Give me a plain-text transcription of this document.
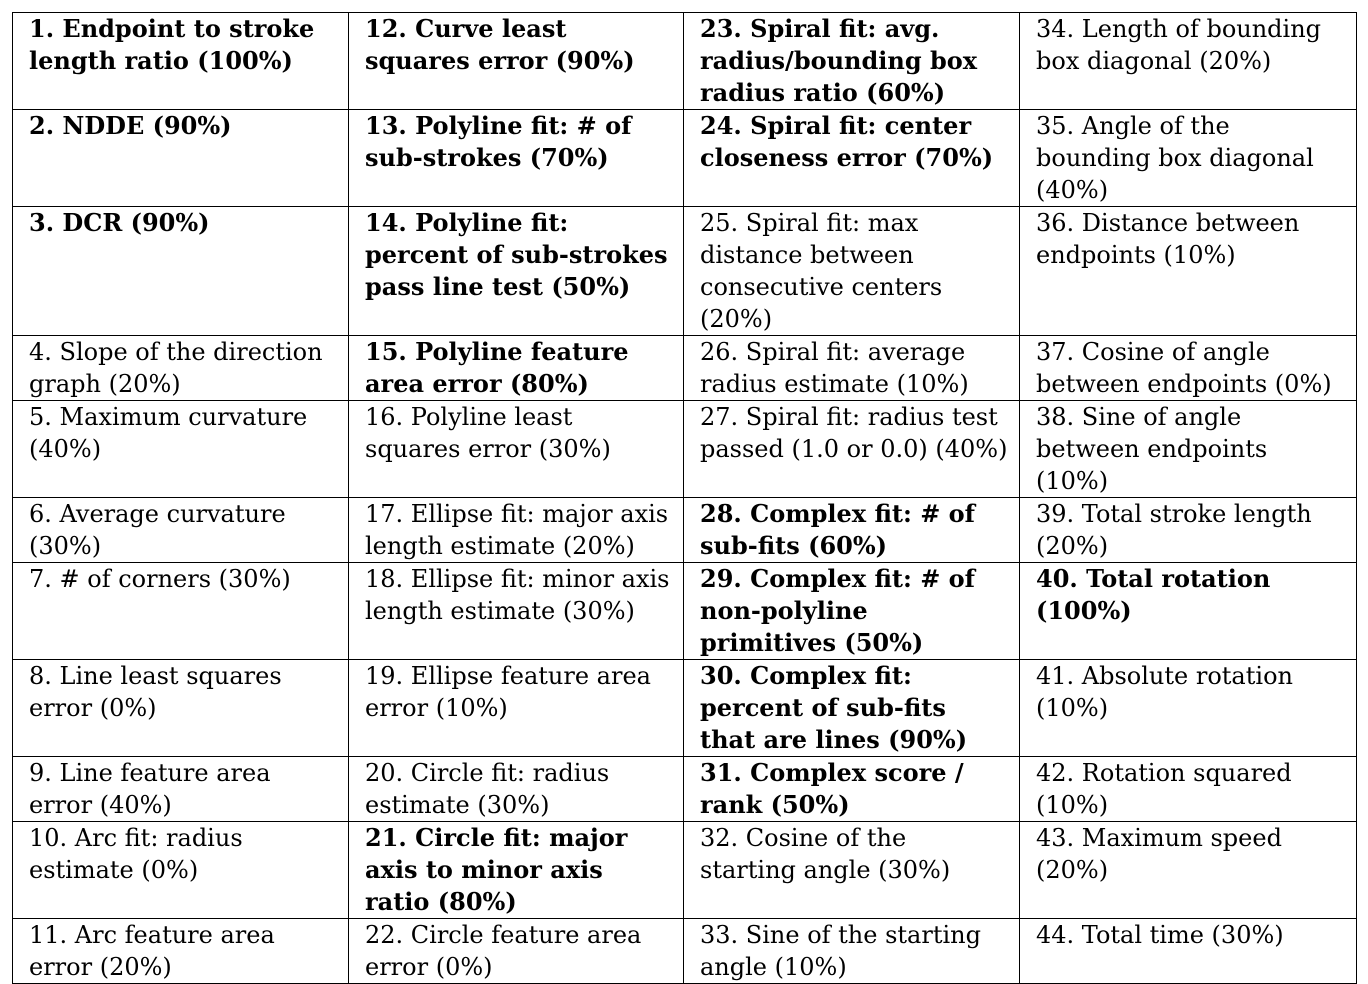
1. Endpoint to stroke length ratio (100%)	12. Curve least squares error (90%)	23. Spiral fit: avg. radius/bounding box radius ratio (60%)	34. Length of bounding box diagonal (20%)
2. NDDE (90%)	13. Polyline fit: # of sub-strokes (70%)	24. Spiral fit: center closeness error (70%)	35. Angle of the bounding box diagonal (40%)
3. DCR (90%)	14. Polyline fit: percent of sub-strokes pass line test (50%)	25. Spiral fit: max distance between consecutive centers (20%)	36. Distance between endpoints (10%)
4. Slope of the direction graph (20%)	15. Polyline feature area error (80%)	26. Spiral fit: average radius estimate (10%)	37. Cosine of angle between endpoints (0%)
5. Maximum curvature (40%)	16. Polyline least squares error (30%)	27. Spiral fit: radius test passed (1.0 or 0.0) (40%)	38. Sine of angle between endpoints (10%)
6. Average curvature (30%)	17. Ellipse fit: major axis length estimate (20%)	28. Complex fit: # of sub-fits (60%)	39. Total stroke length (20%)
7. # of corners (30%)	18. Ellipse fit: minor axis length estimate (30%)	29. Complex fit: # of non-polyline primitives (50%)	40. Total rotation (100%)
8. Line least squares error (0%)	19. Ellipse feature area error (10%)	30. Complex fit: percent of sub-fits that are lines (90%)	41. Absolute rotation (10%)
9. Line feature area error (40%)	20. Circle fit: radius estimate (30%)	31. Complex score / rank (50%)	42. Rotation squared (10%)
10. Arc fit: radius estimate (0%)	21. Circle fit: major axis to minor axis ratio (80%)	32. Cosine of the starting angle (30%)	43. Maximum speed (20%)
11. Arc feature area error (20%)	22. Circle feature area error (0%)	33. Sine of the starting angle (10%)	44. Total time (30%)
